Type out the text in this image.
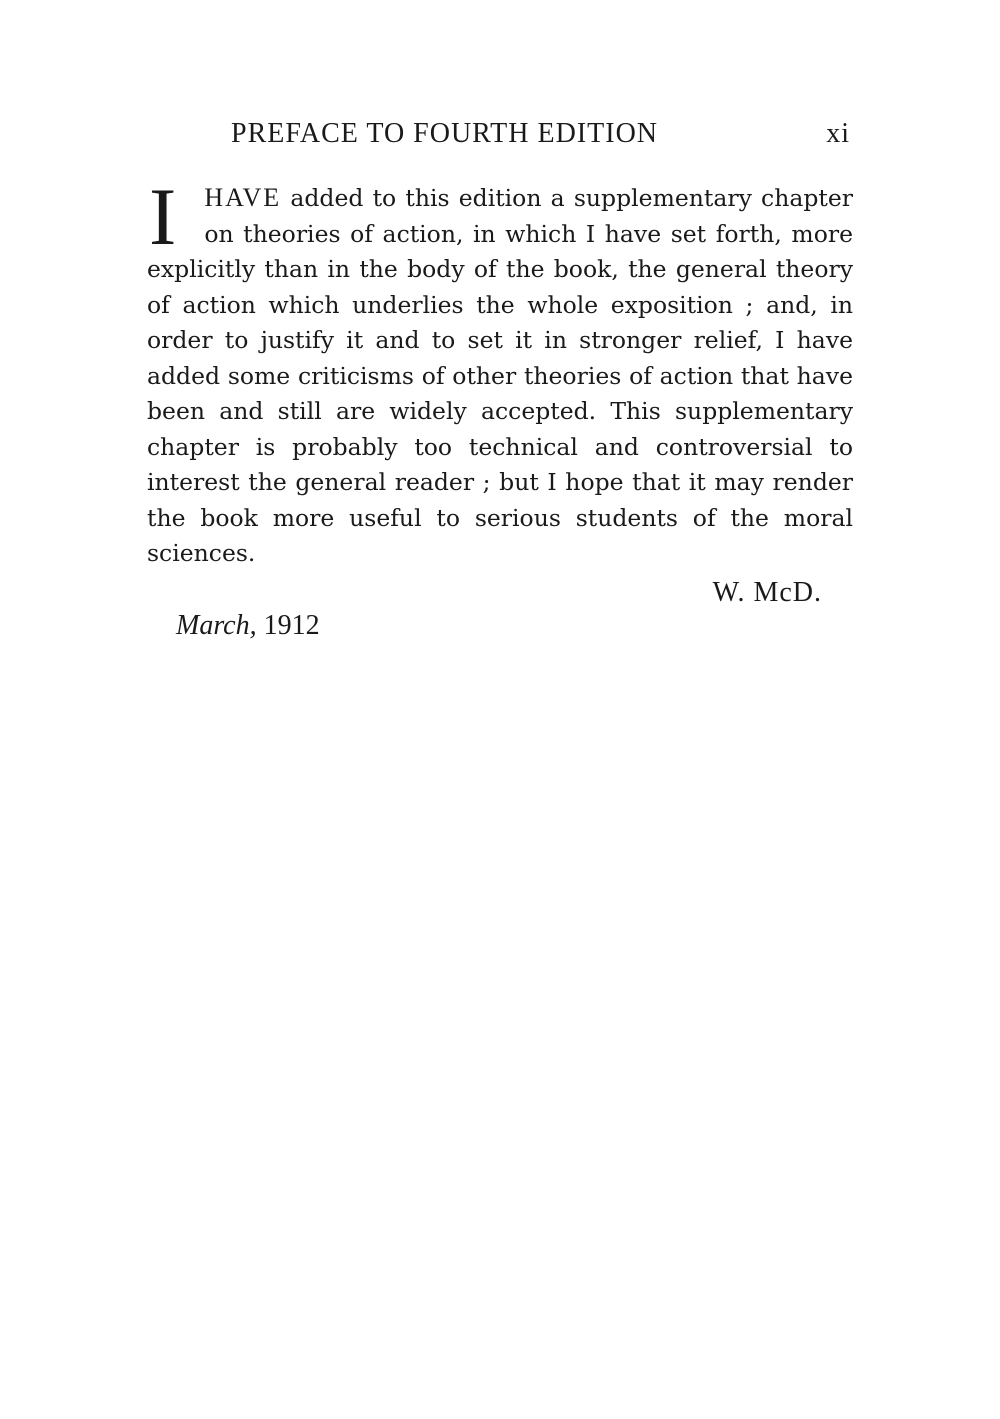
PREFACE TO FOURTH EDITION	xi
I HAVE added to this edition a supplementary chapter on theories of action, in which I have set forth, more explicitly than in the body of the book, the general theory of action which underlies the whole exposition ; and, in order to justify it and to set it in stronger relief, I have added some criticisms of other theories of action that have been and still are widely accepted. This supplementary chapter is probably too technical and controversial to interest the general reader ; but I hope that it may render the book more useful to serious students of the moral sciences.
W. McD.
March, 1912
